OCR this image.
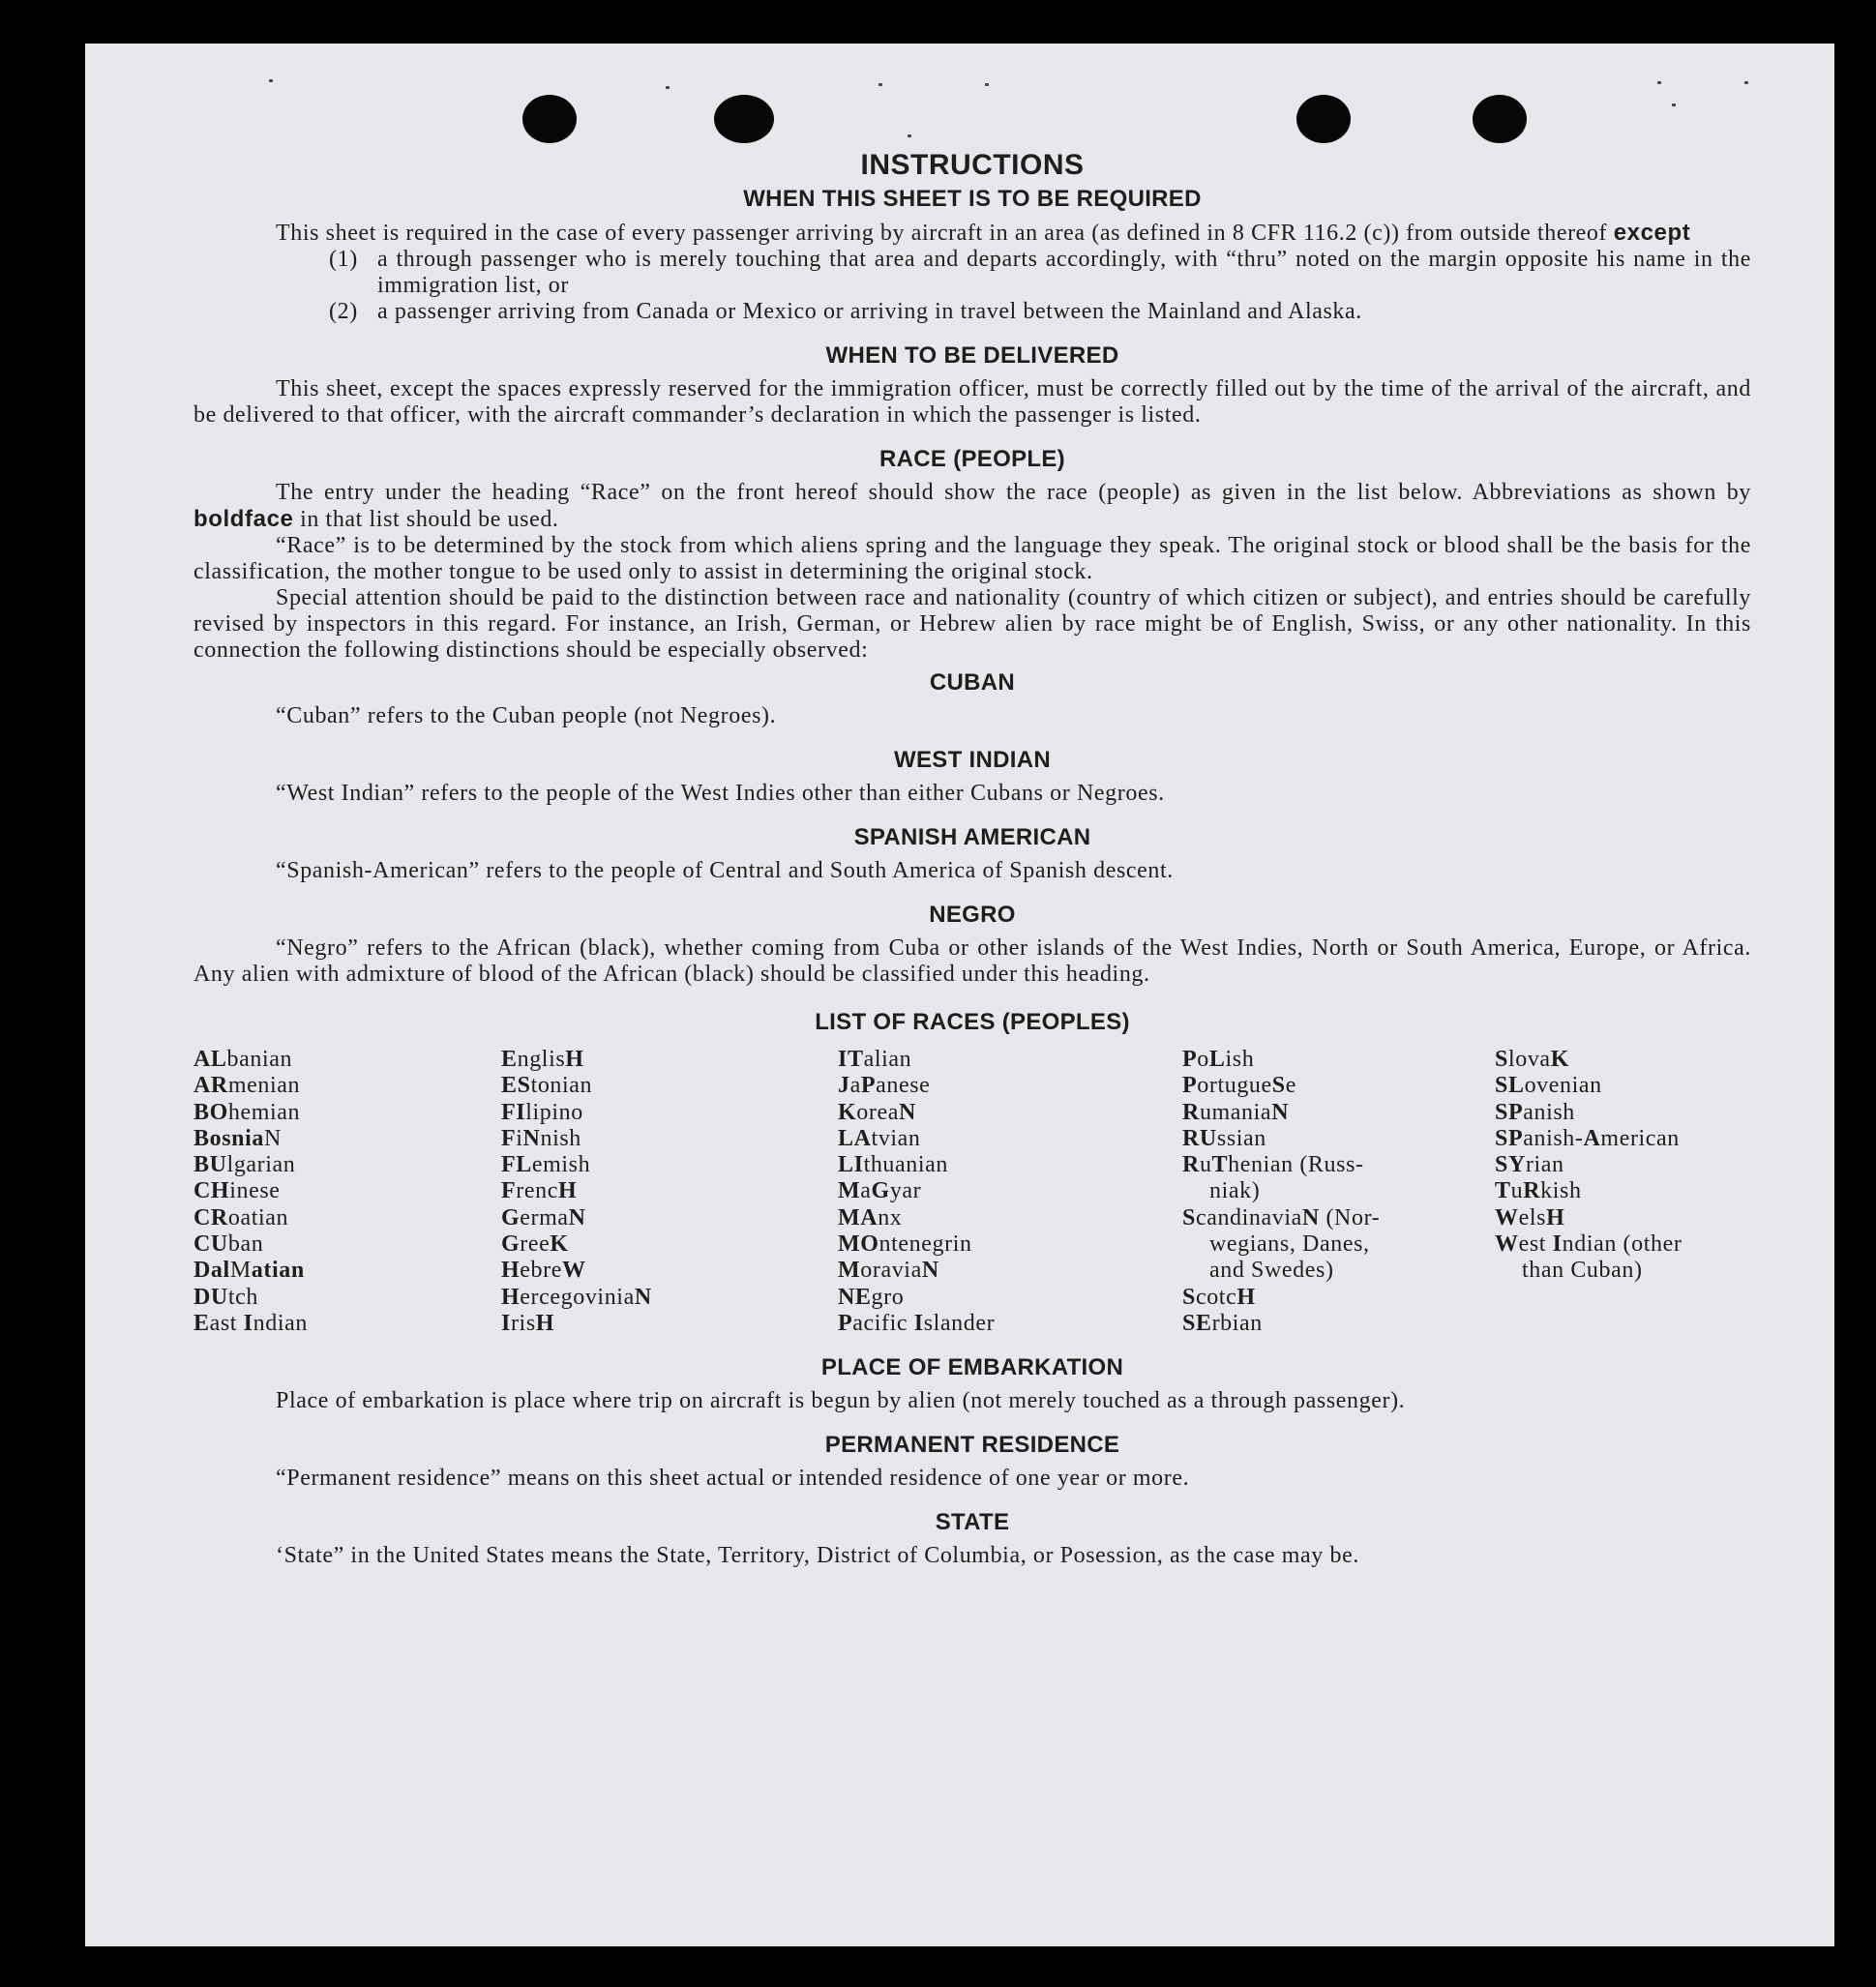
INSTRUCTIONS
WHEN THIS SHEET IS TO BE REQUIRED

This sheet is required in the case of every passenger arriving by aircraft in an area (as defined in 8 CFR 116.2 (c)) from outside thereof except

(1) a through passenger who is merely touching that area and departs accordingly, with “thru” noted on the margin opposite his name in the immigration list, or

(2) a passenger arriving from Canada or Mexico or arriving in travel between the Mainland and Alaska.

WHEN TO BE DELIVERED

This sheet, except the spaces expressly reserved for the immigration officer, must be correctly filled out by the time of the arrival of the aircraft, and be delivered to that officer, with the aircraft commander’s declaration in which the passenger is listed.

RACE (PEOPLE)

The entry under the heading “Race” on the front hereof should show the race (people) as given in the list below. Abbreviations as shown by boldface in that list should be used.

“Race” is to be determined by the stock from which aliens spring and the language they speak. The original stock or blood shall be the basis for the classification, the mother tongue to be used only to assist in determining the original stock.

Special attention should be paid to the distinction between race and nationality (country of which citizen or subject), and entries should be carefully revised by inspectors in this regard. For instance, an Irish, German, or Hebrew alien by race might be of English, Swiss, or any other nationality. In this connection the following distinctions should be especially observed:

CUBAN

“Cuban” refers to the Cuban people (not Negroes).

WEST INDIAN

“West Indian” refers to the people of the West Indies other than either Cubans or Negroes.

SPANISH AMERICAN

“Spanish-American” refers to the people of Central and South America of Spanish descent.

NEGRO

“Negro” refers to the African (black), whether coming from Cuba or other islands of the West Indies, North or South America, Europe, or Africa. Any alien with admixture of blood of the African (black) should be classified under this heading.

LIST OF RACES (PEOPLES)
ALbanian
ARmenian
BOhemian
BosniaN
BUlgarian
CHinese
CRoatian
CUban
DalMatian
DUtch
East Indian
EnglisH
EStonian
FIlipino
FiNnish
FLemish
FrencH
GermaN
GreeK
HebreW
HercegoviniaN
IrisH
ITalian
JaPanese
KoreaN
LAtvian
LIthuanian
MaGyar
MAnx
MOntenegrin
MoraviaN
NEgro
Pacific Islander
PoLish
PortugueSe
RumaniaN
RUssian
RuThenian (Russ-
niak)
ScandinaviaN (Nor-
wegians, Danes,
and Swedes)
ScotcH
SErbian
SlovaK
SLovenian
SPanish
SPanish-American
SYrian
TuRkish
WelsH
West Indian (other
than Cuban)
PLACE OF EMBARKATION

Place of embarkation is place where trip on aircraft is begun by alien (not merely touched as a through passenger).

PERMANENT RESIDENCE

“Permanent residence” means on this sheet actual or intended residence of one year or more.

STATE

‘State” in the United States means the State, Territory, District of Columbia, or Posession, as the case may be.
